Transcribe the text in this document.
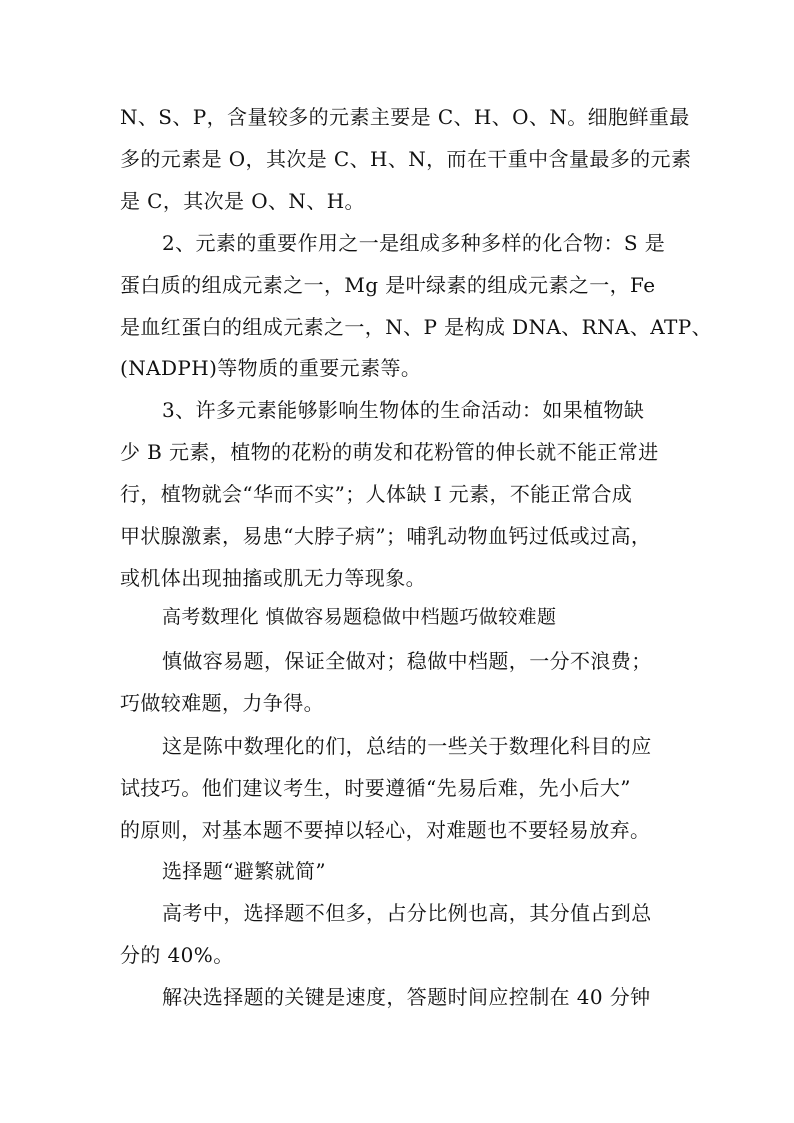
N、S、P，含量较多的元素主要是 C、H、O、N。细胞鲜重最
多的元素是 O，其次是 C、H、N，而在干重中含量最多的元素
是 C，其次是 O、N、H。
2、元素的重要作用之一是组成多种多样的化合物：S 是
蛋白质的组成元素之一，Mg 是叶绿素的组成元素之一，Fe
是血红蛋白的组成元素之一，N、P 是构成 DNA、RNA、ATP、
(NADPH)等物质的重要元素等。
3、许多元素能够影响生物体的生命活动：如果植物缺
少 B 元素，植物的花粉的萌发和花粉管的伸长就不能正常进
行，植物就会“华而不实”；人体缺 I 元素，不能正常合成
甲状腺激素，易患“大脖子病”；哺乳动物血钙过低或过高，
或机体出现抽搐或肌无力等现象。
高考数理化 慎做容易题稳做中档题巧做较难题
慎做容易题，保证全做对；稳做中档题，一分不浪费；
巧做较难题，力争得。
这是陈中数理化的们，总结的一些关于数理化科目的应
试技巧。他们建议考生，时要遵循“先易后难，先小后大”
的原则，对基本题不要掉以轻心，对难题也不要轻易放弃。
选择题“避繁就简”
高考中，选择题不但多，占分比例也高，其分值占到总
分的 40%。
解决选择题的关键是速度，答题时间应控制在 40 分钟
